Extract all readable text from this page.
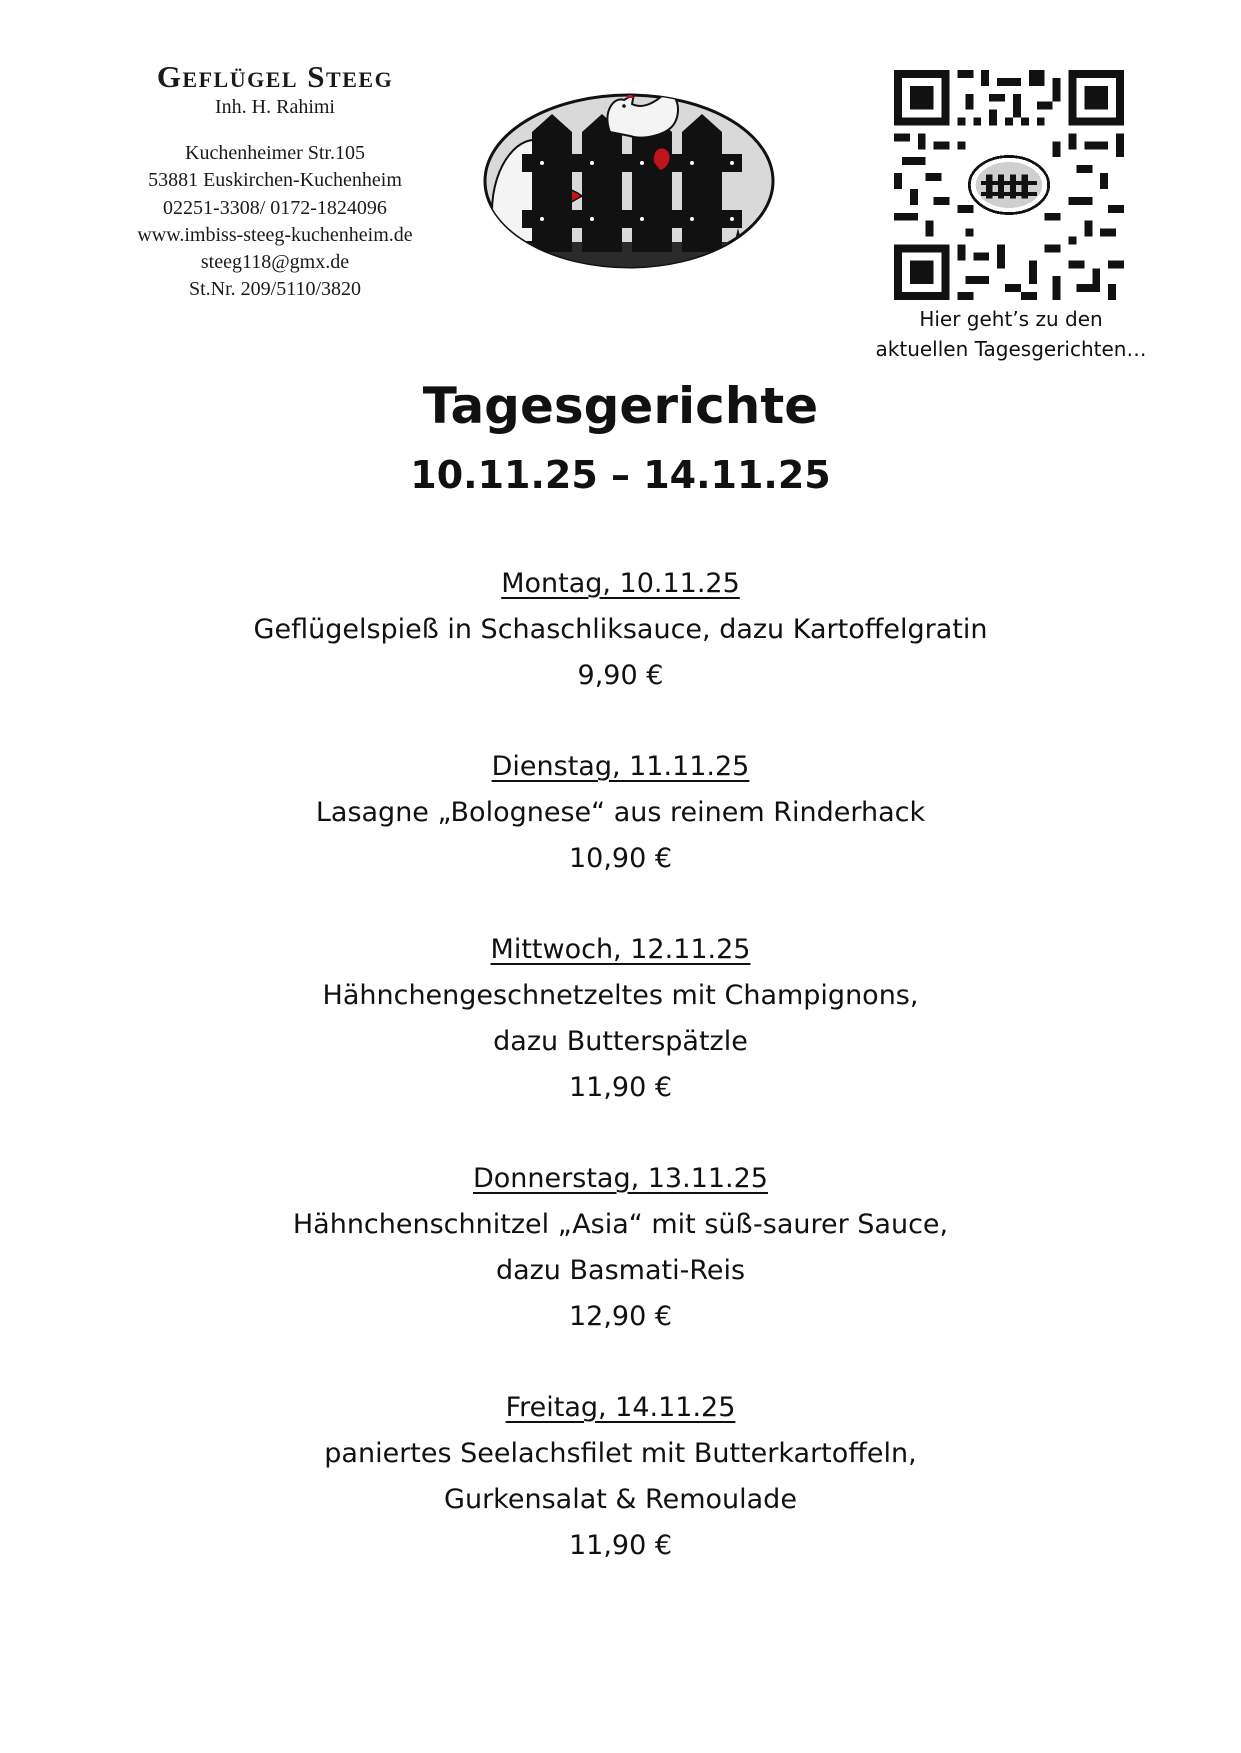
Geflügel Steeg
Inh. H. Rahimi
Kuchenheimer Str.105
53881 Euskirchen-Kuchenheim
02251-3308/ 0172-1824096
www.imbiss-steeg-kuchenheim.de
steeg118@gmx.de
St.Nr. 209/5110/3820
Hier geht’s zu den
aktuellen Tagesgerichten…
Tagesgerichte
10.11.25 – 14.11.25
Montag, 10.11.25
Geflügelspieß in Schaschliksauce, dazu Kartoffelgratin
9,90 €
Dienstag, 11.11.25
Lasagne „Bolognese“ aus reinem Rinderhack
10,90 €
Mittwoch, 12.11.25
Hähnchengeschnetzeltes mit Champignons,
dazu Butterspätzle
11,90 €
Donnerstag, 13.11.25
Hähnchenschnitzel „Asia“ mit süß-saurer Sauce,
dazu Basmati-Reis
12,90 €
Freitag, 14.11.25
paniertes Seelachsfilet mit Butterkartoffeln,
Gurkensalat & Remoulade
11,90 €
